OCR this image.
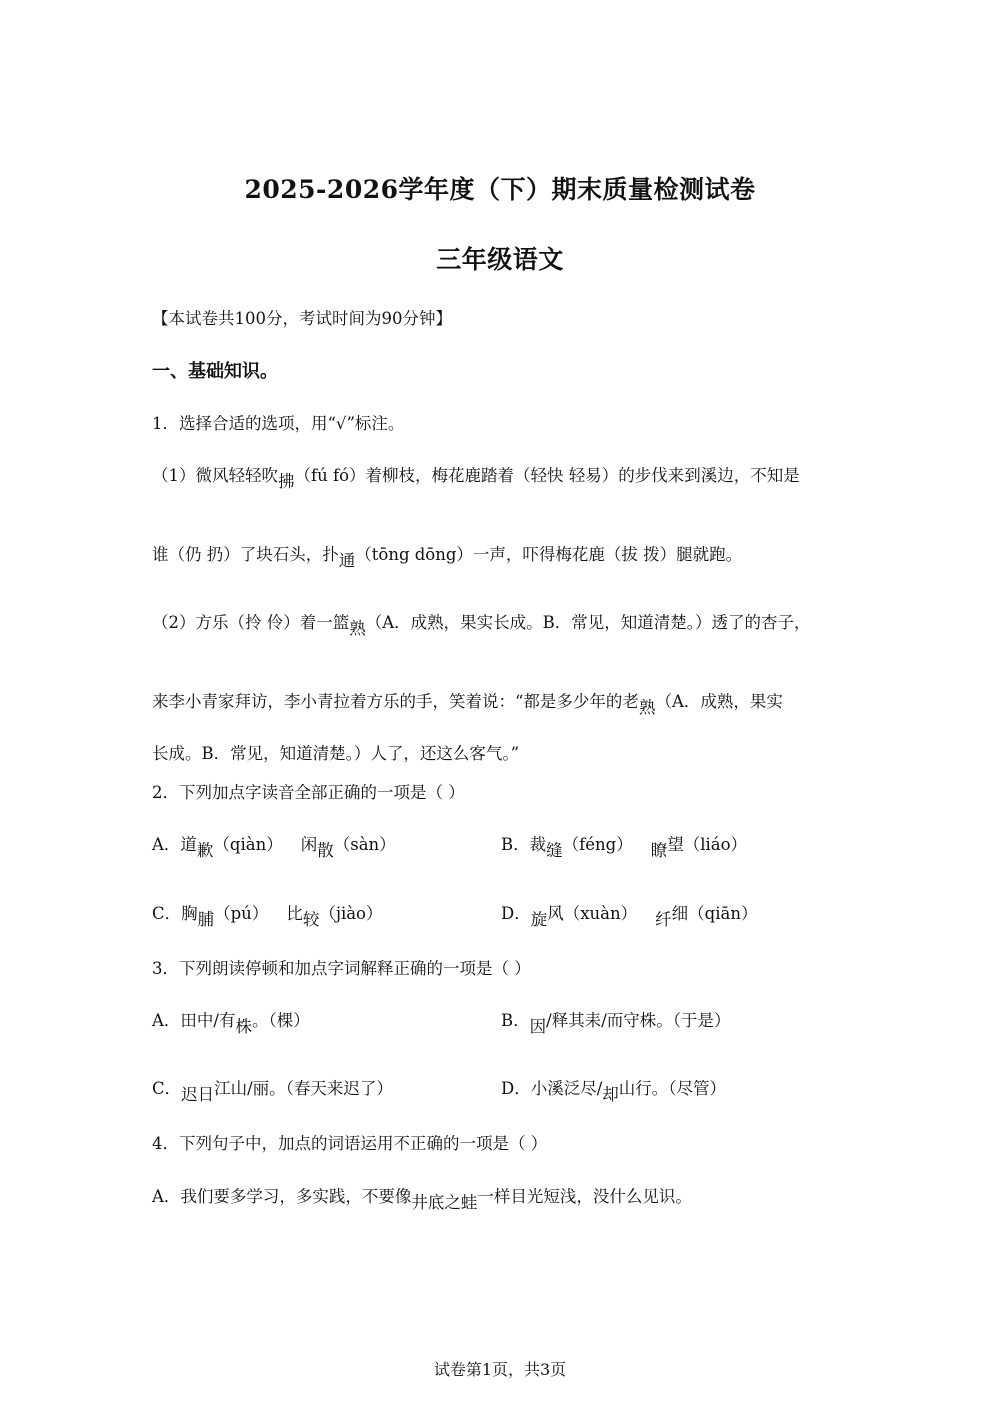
2025-2026学年度（下）期末质量检测试卷
三年级语文
【本试卷共100分，考试时间为90分钟】
一、基础知识。
1．选择合适的选项，用“√”标注。
（1）微风轻轻吹拂（fú fó）着柳枝，梅花鹿踏着（轻快 轻易）的步伐来到溪边，不知是
谁（仍 扔）了块石头，扑通（tōng dōng）一声，吓得梅花鹿（拔 拨）腿就跑。
（2）方乐（拎 伶）着一篮熟（A．成熟，果实长成。B．常见，知道清楚。）透了的杏子，
来李小青家拜访，李小青拉着方乐的手，笑着说：“都是多少年的老熟（A．成熟，果实
长成。B．常见，知道清楚。）人了，还这么客气。”
2．下列加点字读音全部正确的一项是（ ）
A．道歉（qiàn） 闲散（sàn）	B．裁缝（féng） 瞭望（liáo）
C．胸脯（pú） 比较（jiào）	D．旋风（xuàn） 纤细（qiān）
3．下列朗读停顿和加点字词解释正确的一项是（ ）
A．田中/有株。（棵）	B．因/释其耒/而守株。（于是）
C．迟日江山/丽。（春天来迟了）	D．小溪泛尽/却山行。（尽管）
4．下列句子中，加点的词语运用不正确的一项是（ ）
A．我们要多学习，多实践，不要像井底之蛙一样目光短浅，没什么见识。
试卷第1页，共3页
